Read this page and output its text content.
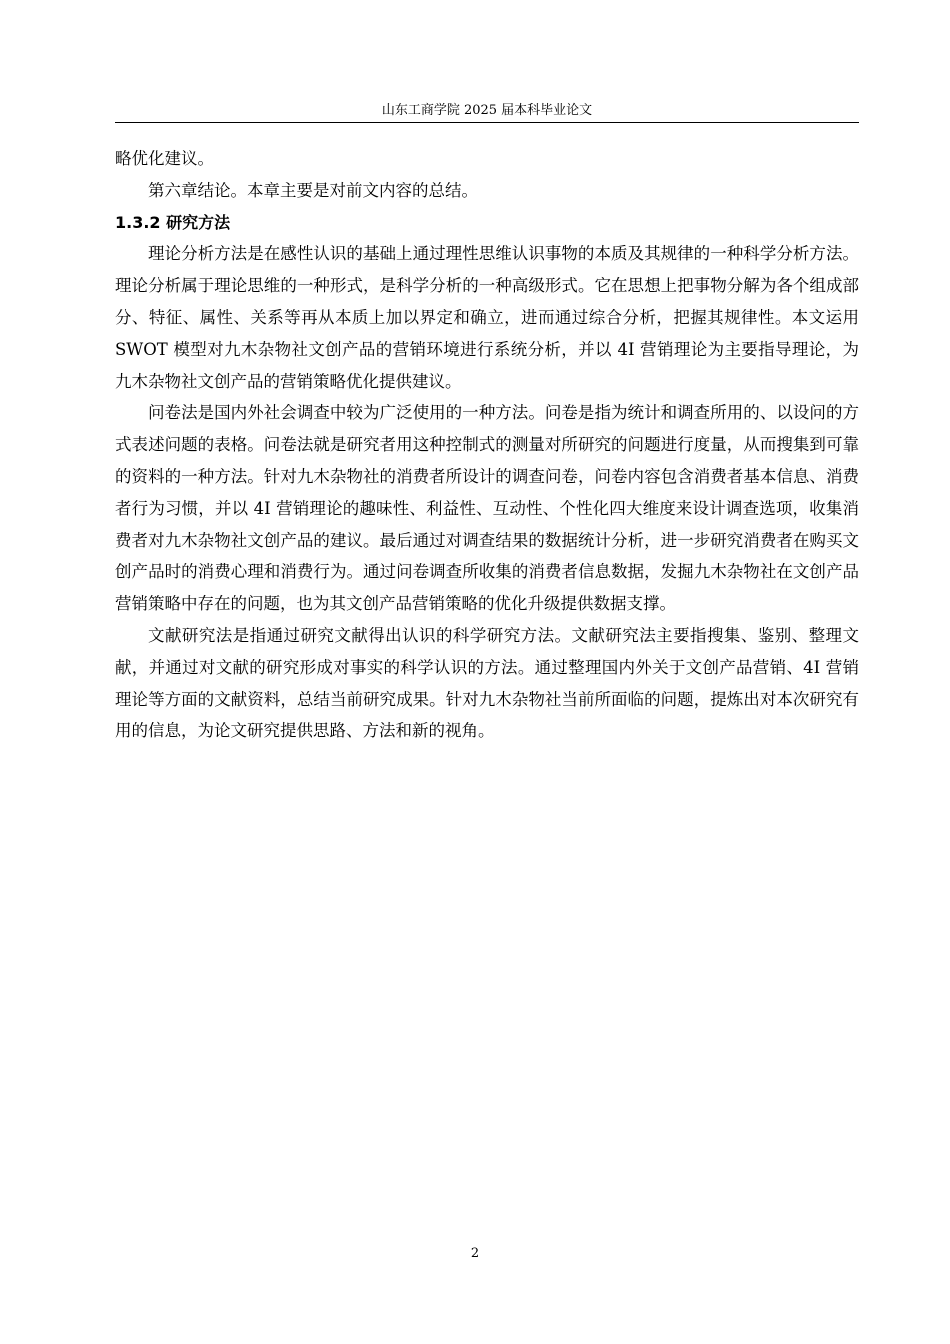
山东工商学院 2025 届本科毕业论文

略优化建议。

第六章结论。本章主要是对前文内容的总结。

1.3.2 研究方法

理论分析方法是在感性认识的基础上通过理性思维认识事物的本质及其规律的一种科学分析方法。理论分析属于理论思维的一种形式，是科学分析的一种高级形式。它在思想上把事物分解为各个组成部分、特征、属性、关系等再从本质上加以界定和确立，进而通过综合分析，把握其规律性。本文运用 SWOT 模型对九木杂物社文创产品的营销环境进行系统分析，并以 4I 营销理论为主要指导理论，为九木杂物社文创产品的营销策略优化提供建议。

问卷法是国内外社会调查中较为广泛使用的一种方法。问卷是指为统计和调查所用的、以设问的方式表述问题的表格。问卷法就是研究者用这种控制式的测量对所研究的问题进行度量，从而搜集到可靠的资料的一种方法。针对九木杂物社的消费者所设计的调查问卷，问卷内容包含消费者基本信息、消费者行为习惯，并以 4I 营销理论的趣味性、利益性、互动性、个性化四大维度来设计调查选项，收集消费者对九木杂物社文创产品的建议。最后通过对调查结果的数据统计分析，进一步研究消费者在购买文创产品时的消费心理和消费行为。通过问卷调查所收集的消费者信息数据，发掘九木杂物社在文创产品营销策略中存在的问题，也为其文创产品营销策略的优化升级提供数据支撑。

文献研究法是指通过研究文献得出认识的科学研究方法。文献研究法主要指搜集、鉴别、整理文献，并通过对文献的研究形成对事实的科学认识的方法。通过整理国内外关于文创产品营销、4I 营销理论等方面的文献资料，总结当前研究成果。针对九木杂物社当前所面临的问题，提炼出对本次研究有用的信息，为论文研究提供思路、方法和新的视角。

2
